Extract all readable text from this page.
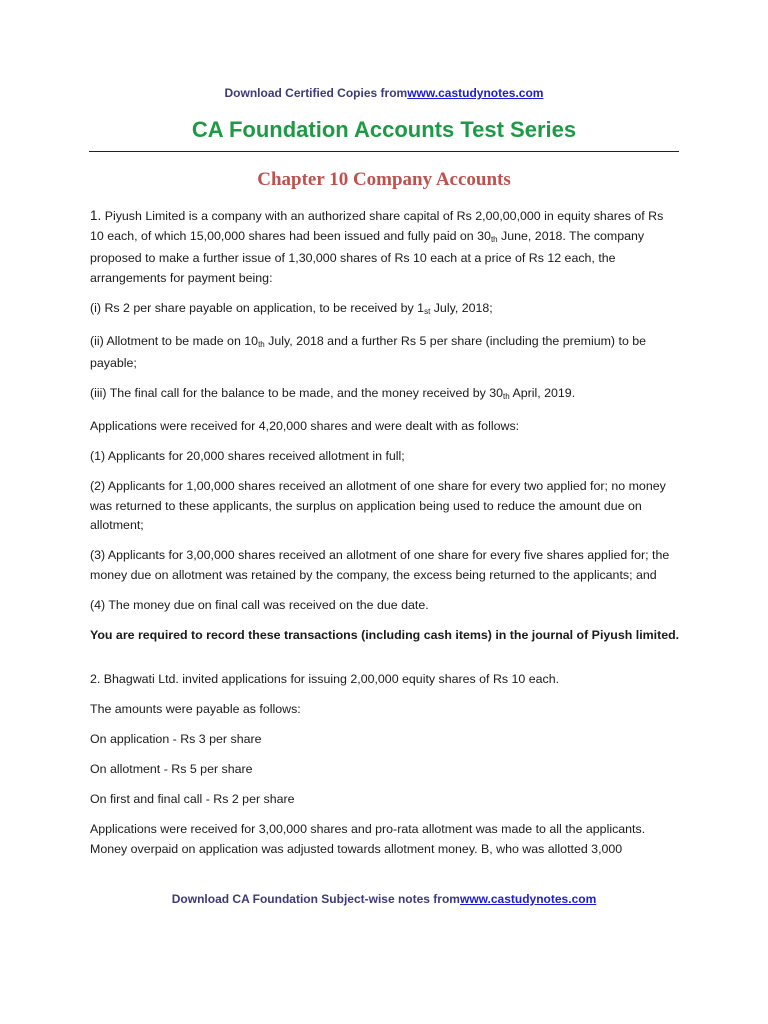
Download Certified Copies fromwww.castudynotes.com
CA Foundation Accounts Test Series
Chapter 10 Company Accounts

1. Piyush Limited is a company with an authorized share capital of Rs 2,00,00,000 in equity shares of Rs 10 each, of which 15,00,000 shares had been issued and fully paid on $30_{th}$ June, 2018. The company proposed to make a further issue of 1,30,000 shares of Rs 10 each at a price of Rs 12 each, the arrangements for payment being:

(i) Rs 2 per share payable on application, to be received by $1_{st}$ July, 2018;

(ii) Allotment to be made on $10_{th}$ July, 2018 and a further Rs 5 per share (including the premium) to be payable;

(iii) The final call for the balance to be made, and the money received by $30_{th}$ April, 2019.

Applications were received for 4,20,000 shares and were dealt with as follows:

(1) Applicants for 20,000 shares received allotment in full;

(2) Applicants for 1,00,000 shares received an allotment of one share for every two applied for; no money was returned to these applicants, the surplus on application being used to reduce the amount due on allotment;

(3) Applicants for 3,00,000 shares received an allotment of one share for every five shares applied for; the money due on allotment was retained by the company, the excess being returned to the applicants; and

(4) The money due on final call was received on the due date.

You are required to record these transactions (including cash items) in the journal of Piyush limited.

2. Bhagwati Ltd. invited applications for issuing 2,00,000 equity shares of Rs 10 each.

The amounts were payable as follows:

On application - Rs 3 per share

On allotment - Rs 5 per share

On first and final call - Rs 2 per share

Applications were received for 3,00,000 shares and pro-rata allotment was made to all the applicants. Money overpaid on application was adjusted towards allotment money. B, who was allotted 3,000

Download CA Foundation Subject-wise notes fromwww.castudynotes.com
